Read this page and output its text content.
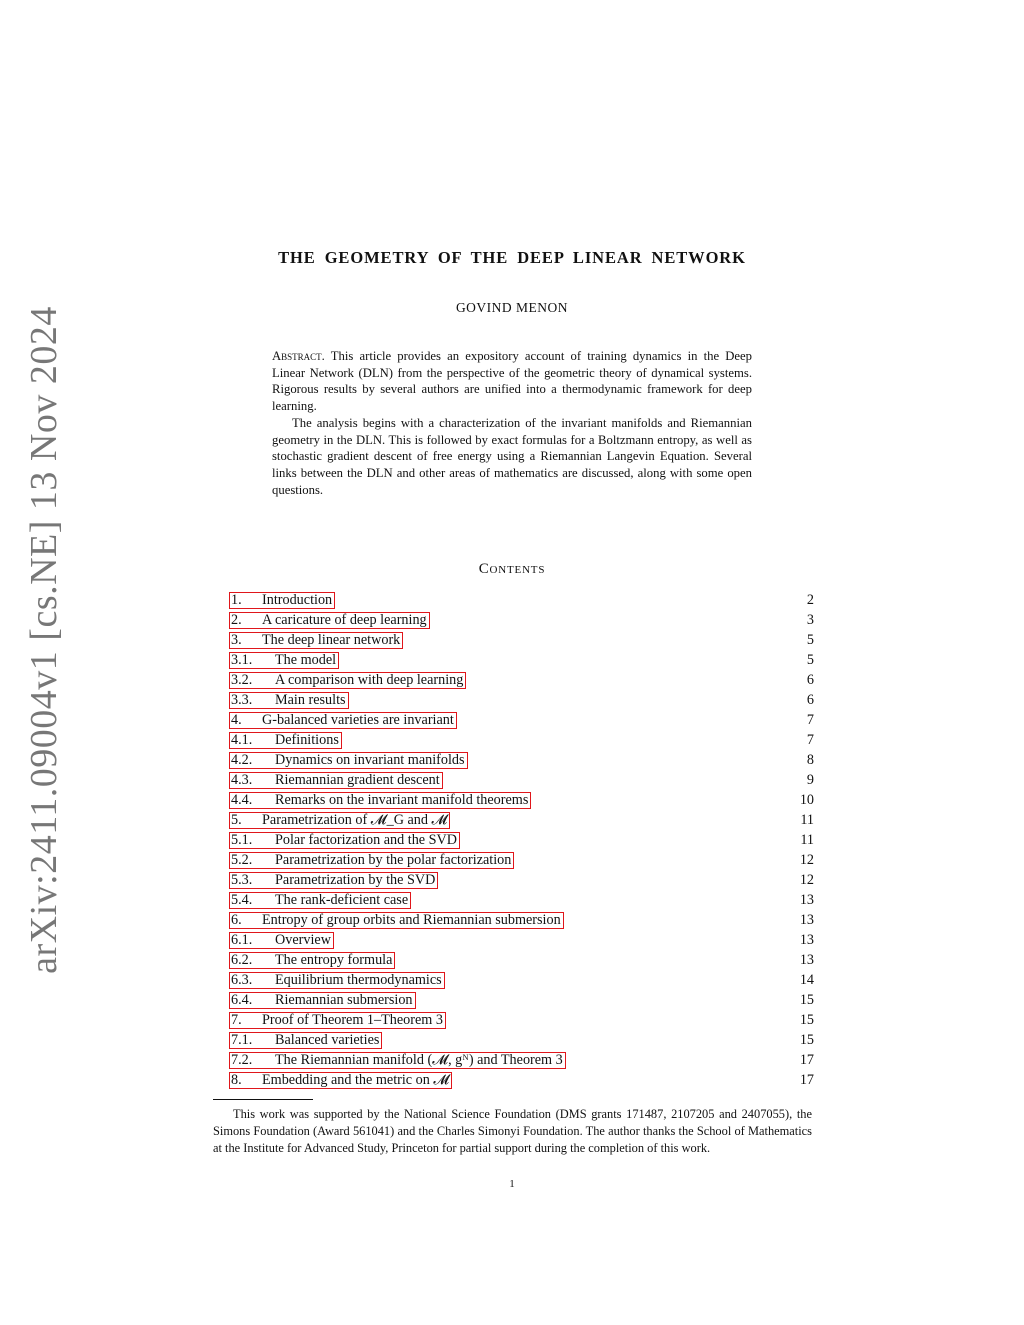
arXiv:2411.09004v1 [cs.NE] 13 Nov 2024
THE GEOMETRY OF THE DEEP LINEAR NETWORK
GOVIND MENON

Abstract. This article provides an expository account of training dynamics in the Deep Linear Network (DLN) from the perspective of the geometric theory of dynamical systems. Rigorous results by several authors are unified into a thermodynamic framework for deep learning.

The analysis begins with a characterization of the invariant manifolds and Riemannian geometry in the DLN. This is followed by exact formulas for a Boltzmann entropy, as well as stochastic gradient descent of free energy using a Riemannian Langevin Equation. Several links between the DLN and other areas of mathematics are discussed, along with some open questions.

Contents
1. Introduction	2
2. A caricature of deep learning	3
3. The deep linear network	5
3.1. The model	5
3.2. A comparison with deep learning	6
3.3. Main results	6
4. G-balanced varieties are invariant	7
4.1. Definitions	7
4.2. Dynamics on invariant manifolds	8
4.3. Riemannian gradient descent	9
4.4. Remarks on the invariant manifold theorems	10
5. Parametrization of 𝓜_G and 𝓜	11
5.1. Polar factorization and the SVD	11
5.2. Parametrization by the polar factorization	12
5.3. Parametrization by the SVD	12
5.4. The rank-deficient case	13
6. Entropy of group orbits and Riemannian submersion	13
6.1. Overview	13
6.2. The entropy formula	13
6.3. Equilibrium thermodynamics	14
6.4. Riemannian submersion	15
7. Proof of Theorem 1–Theorem 3	15
7.1. Balanced varieties	15
7.2. The Riemannian manifold (𝓜, gᴺ) and Theorem 3	17
8. Embedding and the metric on 𝓜	17

This work was supported by the National Science Foundation (DMS grants 171487, 2107205 and 2407055), the Simons Foundation (Award 561041) and the Charles Simonyi Foundation. The author thanks the School of Mathematics at the Institute for Advanced Study, Princeton for partial support during the completion of this work.

1
